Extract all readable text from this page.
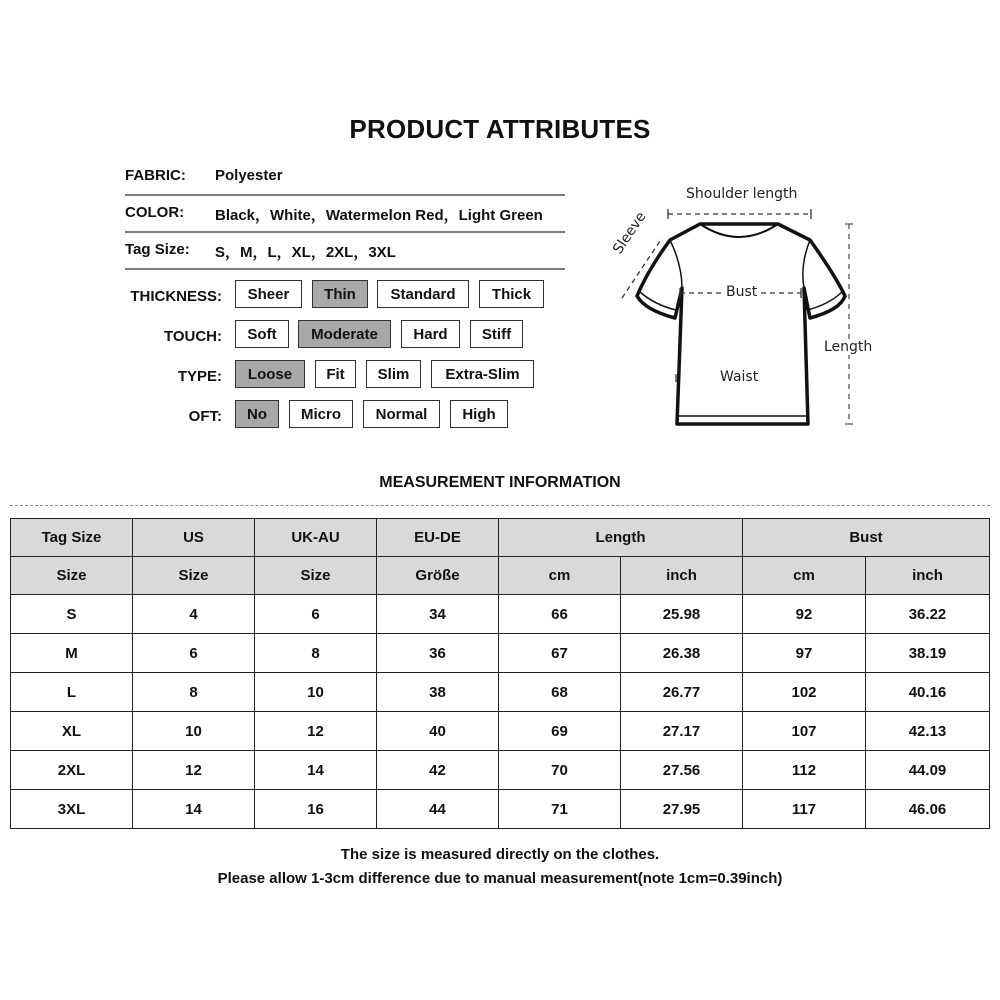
PRODUCT ATTRIBUTES
FABRIC: Polyester
COLOR: Black，White，Watermelon Red，Light Green
Tag Size: S，M，L，XL，2XL，3XL
THICKNESS:	Sheer	Thin	Standard	Thick
TOUCH:	Soft	Moderate	Hard	Stiff
TYPE:	Loose	Fit	Slim	Extra-Slim
OFT:	No	Micro	Normal	High
Shoulder length
Sleeve
Bust
Waist
Length
MEASUREMENT INFORMATION
Tag Size	US	UK-AU	EU-DE	Length		Bust	
Size	Size	Size	Größe	cm	inch	cm	inch
S	4	6	34	66	25.98	92	36.22
M	6	8	36	67	26.38	97	38.19
L	8	10	38	68	26.77	102	40.16
XL	10	12	40	69	27.17	107	42.13
2XL	12	14	42	70	27.56	112	44.09
3XL	14	16	44	71	27.95	117	46.06
The size is measured directly on the clothes.
Please allow 1-3cm difference due to manual measurement(note 1cm=0.39inch)
